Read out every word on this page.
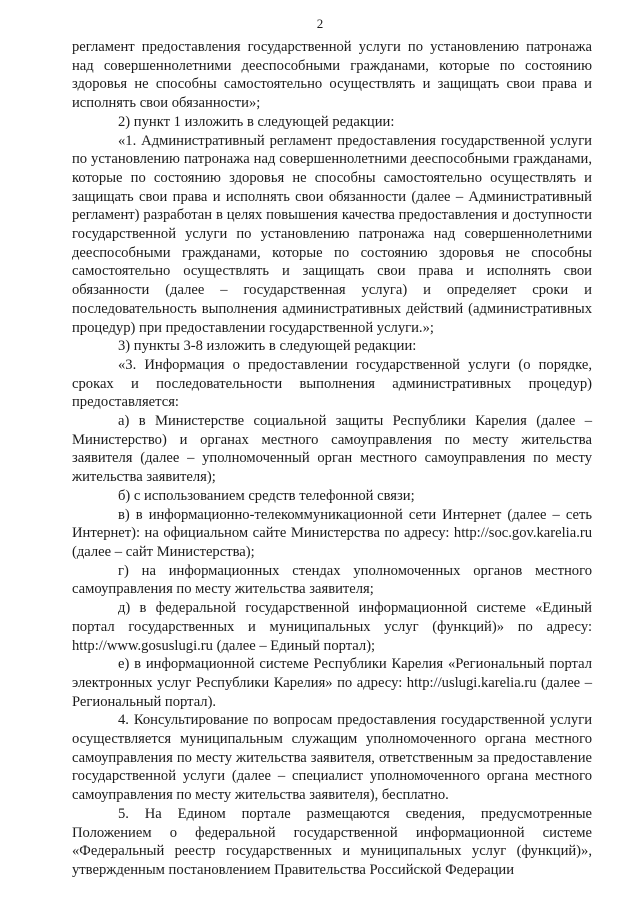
2

регламент предоставления государственной услуги по установлению патронажа над совершеннолетними дееспособными гражданами, которые по состоянию здоровья не способны самостоятельно осуществлять и защищать свои права и исполнять свои обязанности»;

2) пункт 1 изложить в следующей редакции:

«1. Административный регламент предоставления государственной услуги по установлению патронажа над совершеннолетними дееспособными гражданами, которые по состоянию здоровья не способны самостоятельно осуществлять и защищать свои права и исполнять свои обязанности (далее – Административный регламент) разработан в целях повышения качества предоставления и доступности государственной услуги по установлению патронажа над совершеннолетними дееспособными гражданами, которые по состоянию здоровья не способны самостоятельно осуществлять и защищать свои права и исполнять свои обязанности (далее – государственная услуга) и определяет сроки и последовательность выполнения административных действий (административных процедур) при предоставлении государственной услуги.»;

3) пункты 3-8 изложить в следующей редакции:

«3. Информация о предоставлении государственной услуги (о порядке, сроках и последовательности выполнения административных процедур) предоставляется:

а) в Министерстве социальной защиты Республики Карелия (далее – Министерство) и органах местного самоуправления по месту жительства заявителя (далее – уполномоченный орган местного самоуправления по месту жительства заявителя);

б) с использованием средств телефонной связи;

в) в информационно-телекоммуникационной сети Интернет (далее – сеть Интернет): на официальном сайте Министерства по адресу: http://soc.gov.karelia.ru (далее – сайт Министерства);

г) на информационных стендах уполномоченных органов местного самоуправления по месту жительства заявителя;

д) в федеральной государственной информационной системе «Единый портал государственных и муниципальных услуг (функций)» по адресу: http://www.gosuslugi.ru (далее – Единый портал);

е) в информационной системе Республики Карелия «Региональный портал электронных услуг Республики Карелия» по адресу: http://uslugi.karelia.ru (далее – Региональный портал).

4. Консультирование по вопросам предоставления государственной услуги осуществляется муниципальным служащим уполномоченного органа местного самоуправления по месту жительства заявителя, ответственным за предоставление государственной услуги (далее – специалист уполномоченного органа местного самоуправления по месту жительства заявителя), бесплатно.

5. На Едином портале размещаются сведения, предусмотренные Положением о федеральной государственной информационной системе «Федеральный реестр государственных и муниципальных услуг (функций)», утвержденным постановлением Правительства Российской Федерации
